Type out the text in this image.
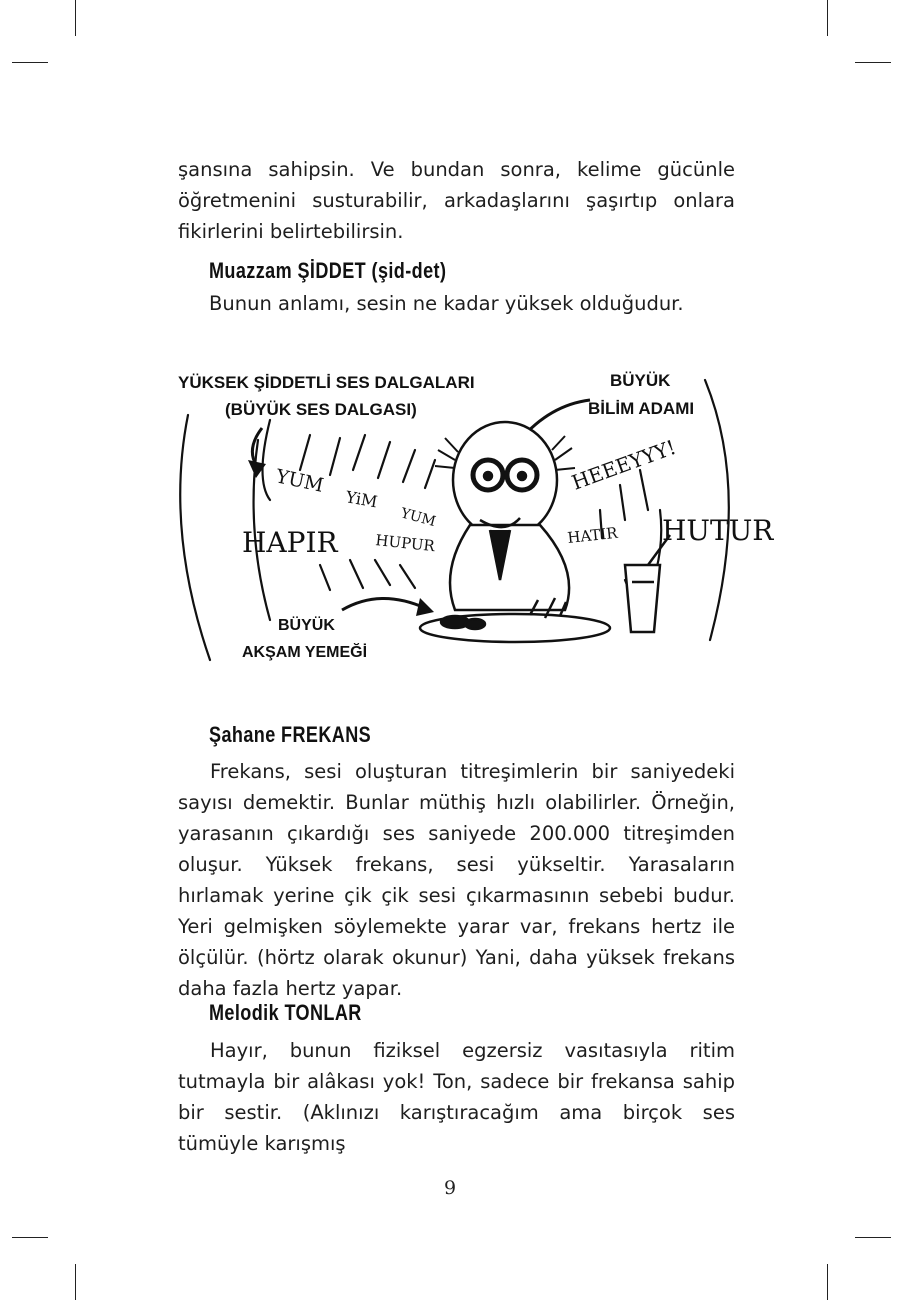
şansına sahipsin. Ve bundan sonra, kelime gücünle öğretmenini susturabilir, arkadaşlarını şaşırtıp onlara fikirlerini belirtebilirsin.

Muazzam ŞİDDET (şid-det)
Bunun anlamı, sesin ne kadar yüksek olduğudur.
YÜKSEK ŞİDDETLİ SES DALGALARI
(BÜYÜK SES DALGASI)
BÜYÜK
BİLİM ADAMI
BÜYÜK
AKŞAM YEMEĞİ
YUM
YiM
YUM
HUPUR
HAPIR
HEEEYYY!
HATIR HUTUR
Şahane FREKANS

Frekans, sesi oluşturan titreşimlerin bir saniyedeki sayısı demektir. Bunlar müthiş hızlı olabilirler. Örneğin, yarasanın çıkardığı ses saniyede 200.000 titreşimden oluşur. Yüksek frekans, sesi yükseltir. Yarasaların hırlamak yerine çik çik sesi çıkarmasının sebebi budur. Yeri gelmişken söylemekte yarar var, frekans hertz ile ölçülür. (hörtz olarak okunur) Yani, daha yüksek frekans daha fazla hertz yapar.

Melodik TONLAR

Hayır, bunun fiziksel egzersiz vasıtasıyla ritim tutmayla bir alâkası yok! Ton, sadece bir frekansa sahip bir sestir. (Aklınızı karıştıracağım ama birçok ses tümüyle karışmış

9
